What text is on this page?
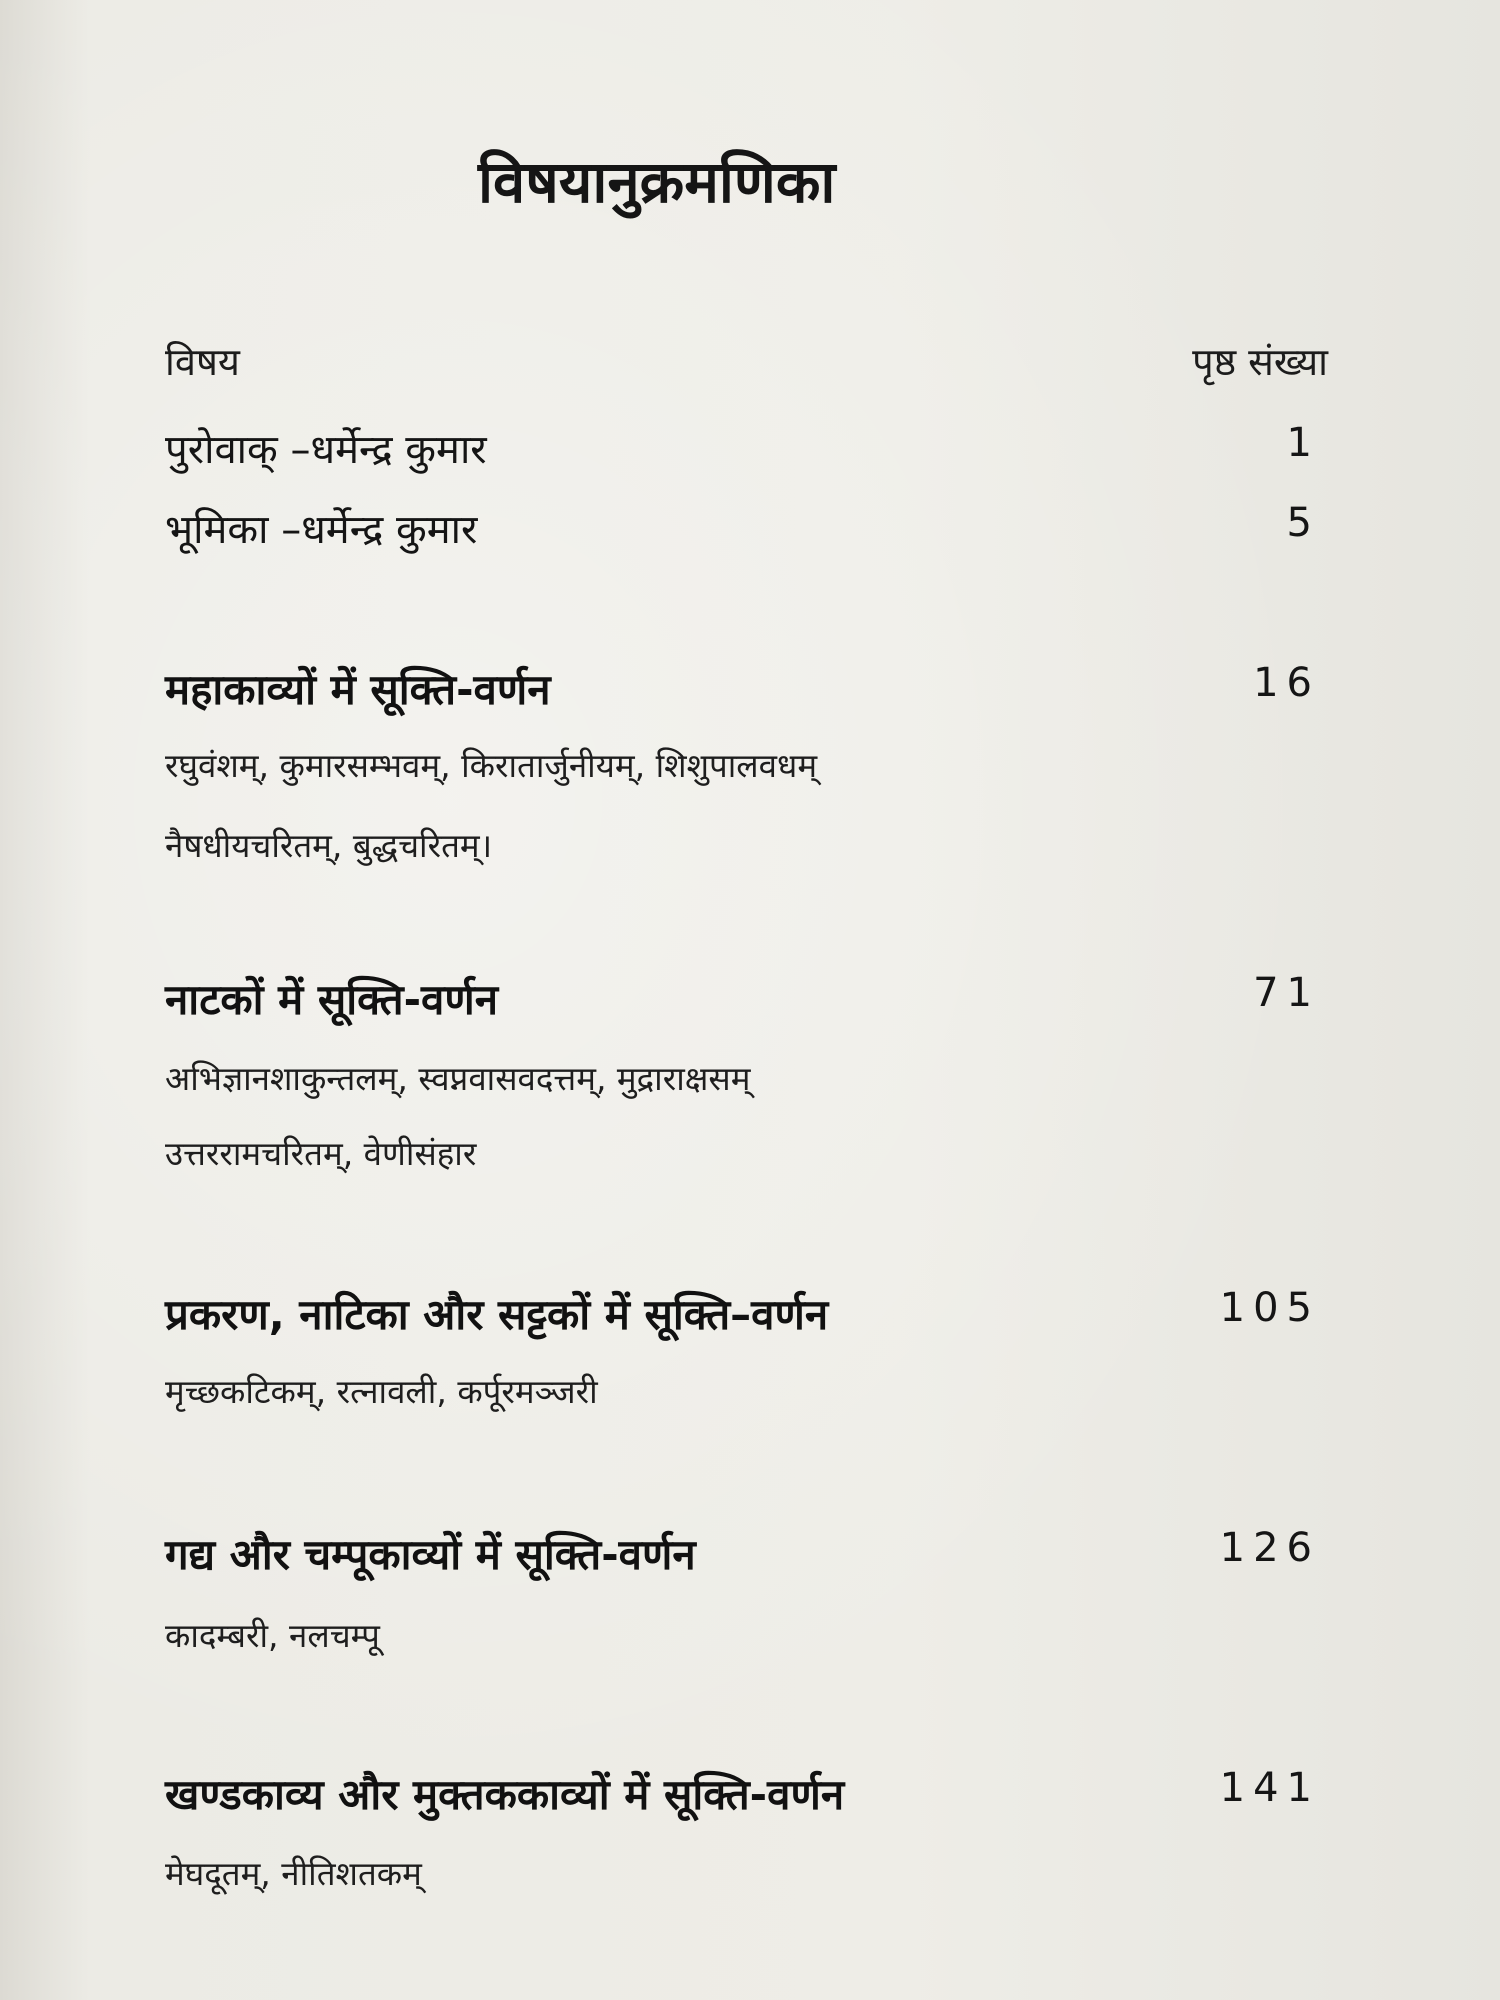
विषयानुक्रमणिका
विषय	पृष्ठ संख्या
पुरोवाक् –धर्मेन्द्र कुमार	1
भूमिका –धर्मेन्द्र कुमार	5
महाकाव्यों में सूक्ति-वर्णन	16
रघुवंशम्, कुमारसम्भवम्, किरातार्जुनीयम्, शिशुपालवधम्
नैषधीयचरितम्, बुद्धचरितम्।
नाटकों में सूक्ति-वर्णन	71
अभिज्ञानशाकुन्तलम्, स्वप्नवासवदत्तम्, मुद्राराक्षसम्
उत्तररामचरितम्, वेणीसंहार
प्रकरण, नाटिका और सट्टकों में सूक्ति–वर्णन	105
मृच्छकटिकम्, रत्नावली, कर्पूरमञ्जरी
गद्य और चम्पूकाव्यों में सूक्ति-वर्णन	126
कादम्बरी, नलचम्पू
खण्डकाव्य और मुक्तककाव्यों में सूक्ति-वर्णन	141
मेघदूतम्, नीतिशतकम्
